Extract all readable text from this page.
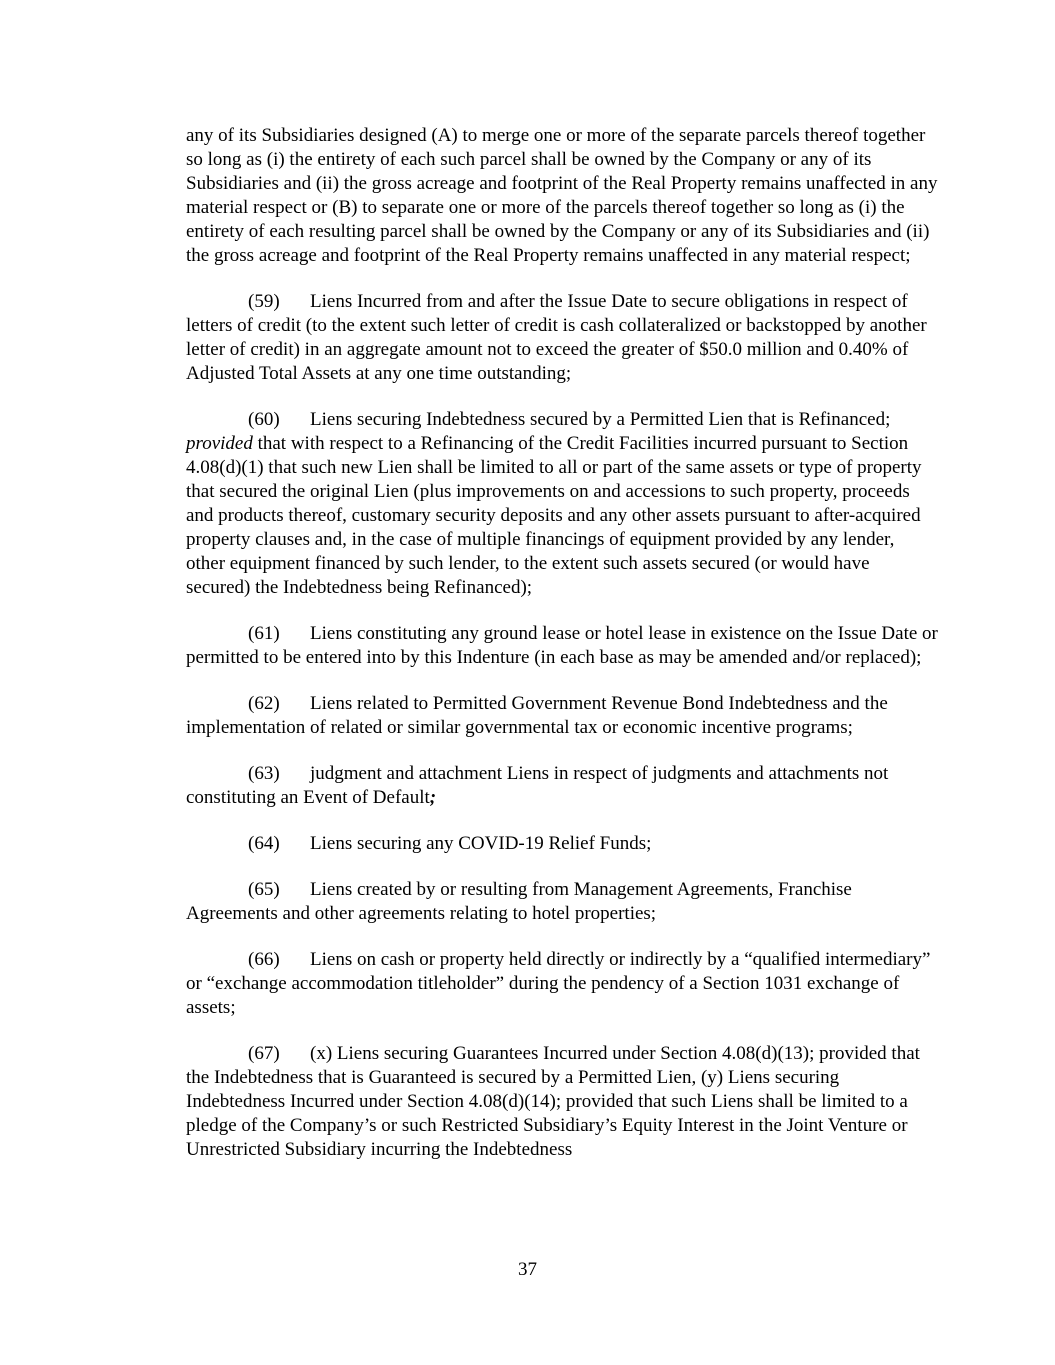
any of its Subsidiaries designed (A) to merge one or more of the separate parcels thereof together so long as (i) the entirety of each such parcel shall be owned by the Company or any of its Subsidiaries and (ii) the gross acreage and footprint of the Real Property remains unaffected in any material respect or (B) to separate one or more of the parcels thereof together so long as (i) the entirety of each resulting parcel shall be owned by the Company or any of its Subsidiaries and (ii) the gross acreage and footprint of the Real Property remains unaffected in any material respect;

(59) Liens Incurred from and after the Issue Date to secure obligations in respect of letters of credit (to the extent such letter of credit is cash collateralized or backstopped by another letter of credit) in an aggregate amount not to exceed the greater of $50.0 million and 0.40% of Adjusted Total Assets at any one time outstanding;

(60) Liens securing Indebtedness secured by a Permitted Lien that is Refinanced; provided that with respect to a Refinancing of the Credit Facilities incurred pursuant to Section 4.08(d)(1) that such new Lien shall be limited to all or part of the same assets or type of property that secured the original Lien (plus improvements on and accessions to such property, proceeds and products thereof, customary security deposits and any other assets pursuant to after-acquired property clauses and, in the case of multiple financings of equipment provided by any lender, other equipment financed by such lender, to the extent such assets secured (or would have secured) the Indebtedness being Refinanced);

(61) Liens constituting any ground lease or hotel lease in existence on the Issue Date or permitted to be entered into by this Indenture (in each base as may be amended and/or replaced);

(62) Liens related to Permitted Government Revenue Bond Indebtedness and the implementation of related or similar governmental tax or economic incentive programs;

(63) judgment and attachment Liens in respect of judgments and attachments not constituting an Event of Default;

(64) Liens securing any COVID-19 Relief Funds;

(65) Liens created by or resulting from Management Agreements, Franchise Agreements and other agreements relating to hotel properties;

(66) Liens on cash or property held directly or indirectly by a “qualified intermediary” or “exchange accommodation titleholder” during the pendency of a Section 1031 exchange of assets;

(67) (x) Liens securing Guarantees Incurred under Section 4.08(d)(13); provided that the Indebtedness that is Guaranteed is secured by a Permitted Lien, (y) Liens securing Indebtedness Incurred under Section 4.08(d)(14); provided that such Liens shall be limited to a pledge of the Company’s or such Restricted Subsidiary’s Equity Interest in the Joint Venture or Unrestricted Subsidiary incurring the Indebtedness

37
